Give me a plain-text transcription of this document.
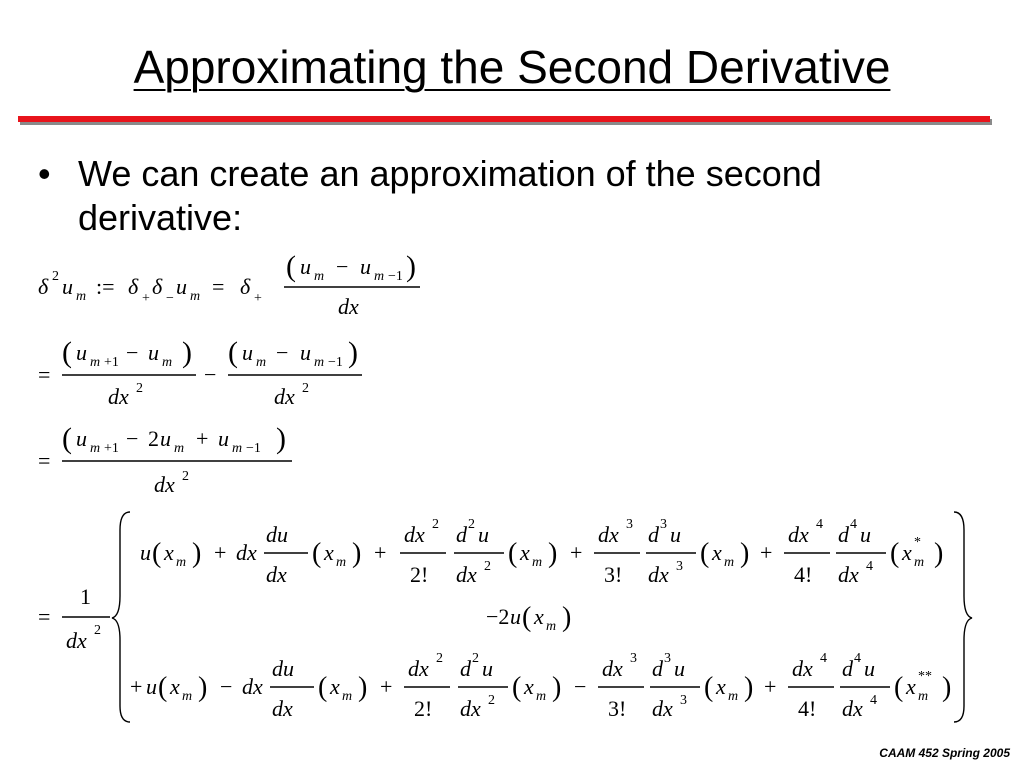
Approximating the Second Derivative
• We can create an approximation of the second derivative:
δ 2 u m := δ + δ − u m = δ +
( u m − u m −1 )
dx
=
( u m +1 − u m )
dx 2
−
( u m − u m −1 )
dx 2
=
( u m +1 − 2 u m + u m −1 )
dx 2
=
1
dx 2
u ( x m ) + dx
du
dx
( x m ) +
dx 2
2!
d 2 u
dx 2 ( x m ) +
dx 3
3!
d 3 u
dx 3 ( x m ) +
dx 4
4!
d 4 u
dx 4 ( x m
* )
−2 u ( x m )
+ u ( x m ) − dx
du
dx
( x m ) +
dx 2
2!
d 2 u
dx 2 ( x m ) −
dx 3
3!
d 3 u
dx 3 ( x m ) +
dx 4
4!
d 4 u
dx 4 ( x m
** )
CAAM 452 Spring 2005
